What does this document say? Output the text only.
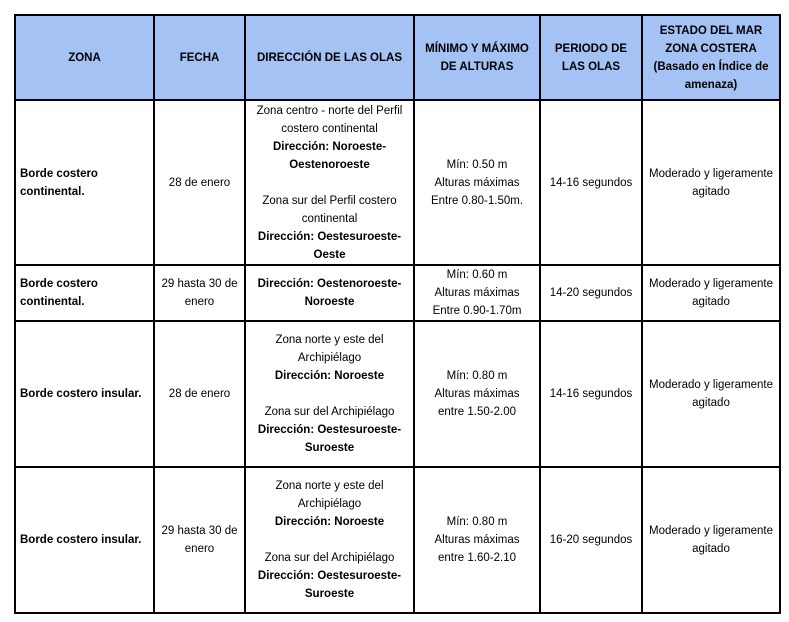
ZONA	FECHA	DIRECCIÓN DE LAS OLAS	MÍNIMO Y MÁXIMO DE ALTURAS	PERIODO DE LAS OLAS	ESTADO DEL MAR ZONA COSTERA
(Basado en Índice de amenaza)

Borde costero continental.	28 de enero	Zona centro - norte del Perfil costero continental
Dirección: Noroeste-Oestenoroeste
Zona sur del Perfil costero continental
Dirección: Oestesuroeste-Oeste	Mín: 0.50 m
Alturas máximas
Entre 0.80-1.50m.	14-16 segundos	Moderado y ligeramente agitado
Borde costero continental.	29 hasta 30 de enero	Dirección: Oestenoroeste-Noroeste	Mín: 0.60 m
Alturas máximas
Entre 0.90-1.70m	14-20 segundos	Moderado y ligeramente agitado
Borde costero insular.	28 de enero	Zona norte y este del Archipiélago
Dirección: Noroeste
Zona sur del Archipiélago
Dirección: Oestesuroeste-Suroeste	Mín: 0.80 m
Alturas máximas
entre 1.50-2.00	14-16 segundos	Moderado y ligeramente agitado
Borde costero insular.	29 hasta 30 de enero	Zona norte y este del Archipiélago
Dirección: Noroeste
Zona sur del Archipiélago
Dirección: Oestesuroeste-Suroeste	Mín: 0.80 m
Alturas máximas
entre 1.60-2.10	16-20 segundos	Moderado y ligeramente agitado
